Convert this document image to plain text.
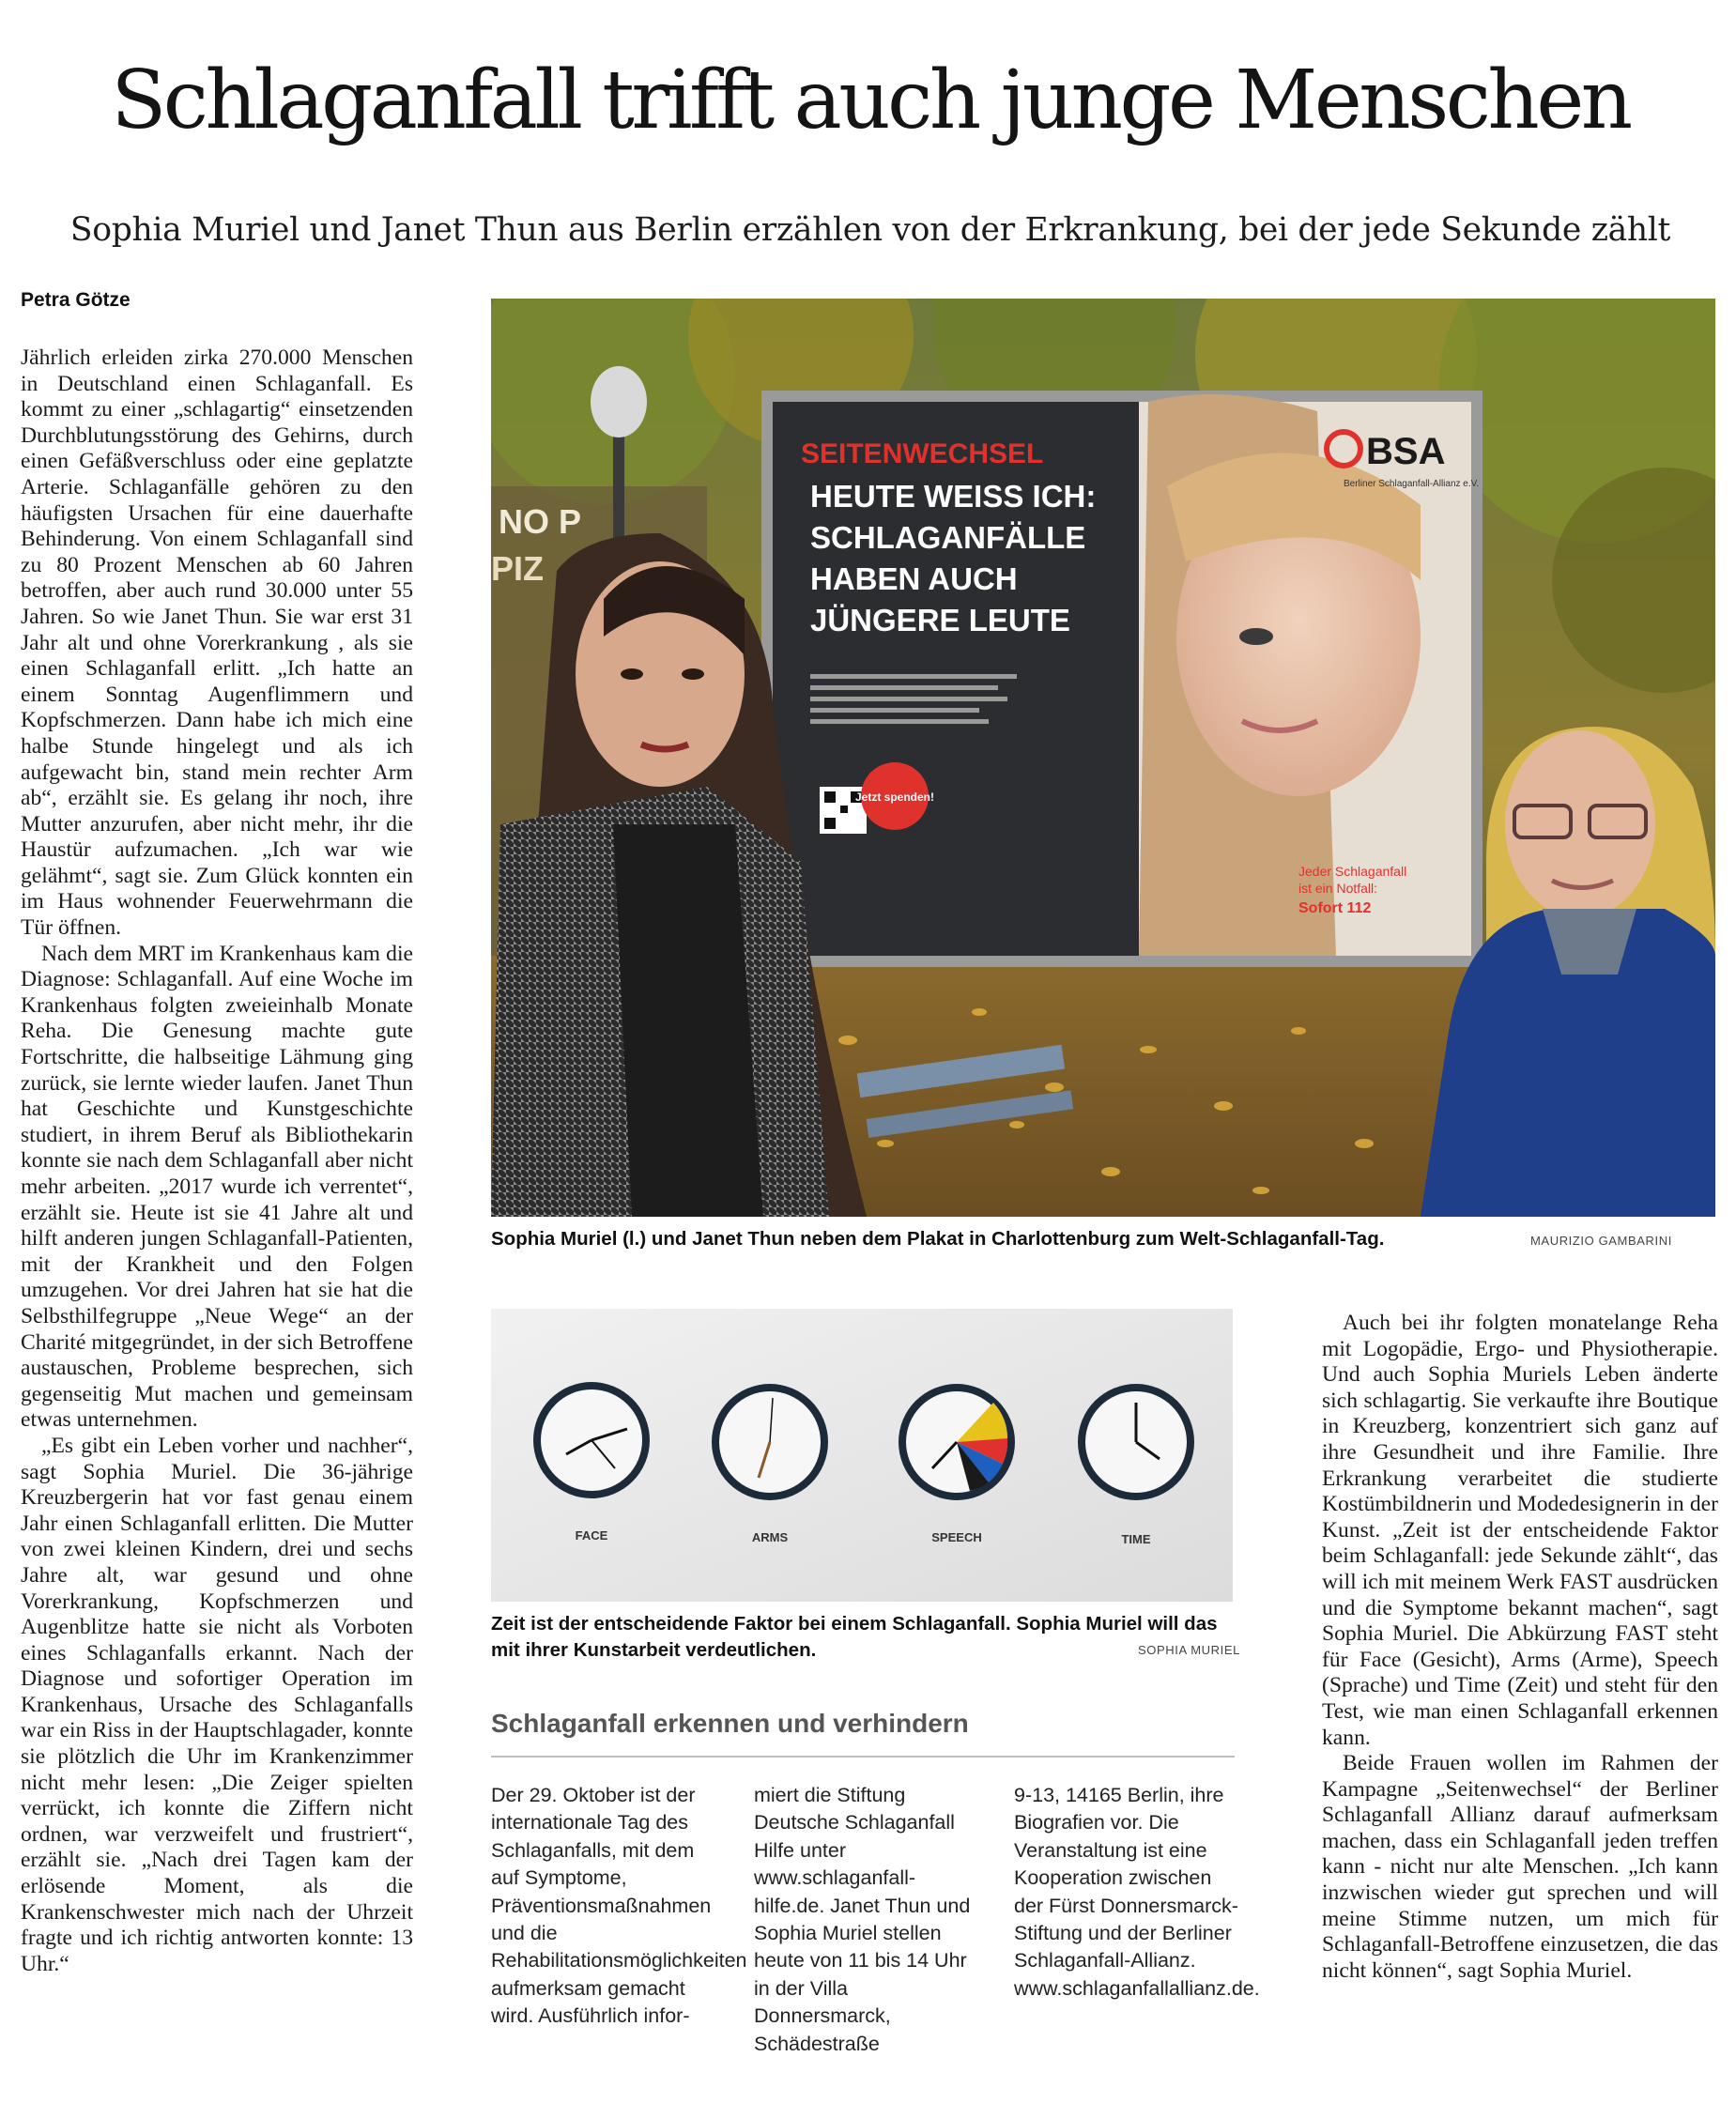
Schlaganfall trifft auch junge Menschen
Sophia Muriel und Janet Thun aus Berlin erzählen von der Erkrankung, bei der jede Sekunde zählt
Petra Götze

Jährlich erleiden zirka 270.000 Menschen in Deutschland einen Schlaganfall. Es kommt zu einer „schlagartig“ einsetzenden Durchblutungsstörung des Gehirns, durch einen Gefäßverschluss oder eine geplatzte Arterie. Schlaganfälle gehören zu den häufigsten Ursachen für eine dauerhafte Behinderung. Von einem Schlaganfall sind zu 80 Prozent Menschen ab 60 Jahren betroffen, aber auch rund 30.000 unter 55 Jahren. So wie Janet Thun. Sie war erst 31 Jahr alt und ohne Vorerkrankung , als sie einen Schlaganfall erlitt. „Ich hatte an einem Sonntag Augenflimmern und Kopfschmerzen. Dann habe ich mich eine halbe Stunde hingelegt und als ich aufgewacht bin, stand mein rechter Arm ab“, erzählt sie. Es gelang ihr noch, ihre Mutter anzurufen, aber nicht mehr, ihr die Haustür aufzumachen. „Ich war wie gelähmt“, sagt sie. Zum Glück konnten ein im Haus wohnender Feuerwehrmann die Tür öffnen.

Nach dem MRT im Krankenhaus kam die Diagnose: Schlaganfall. Auf eine Woche im Krankenhaus folgten zweieinhalb Monate Reha. Die Genesung machte gute Fortschritte, die halbseitige Lähmung ging zurück, sie lernte wieder laufen. Janet Thun hat Geschichte und Kunstgeschichte studiert, in ihrem Beruf als Bibliothekarin konnte sie nach dem Schlaganfall aber nicht mehr arbeiten. „2017 wurde ich verrentet“, erzählt sie. Heute ist sie 41 Jahre alt und hilft anderen jungen Schlaganfall-Patienten, mit der Krankheit und den Folgen umzugehen. Vor drei Jahren hat sie hat die Selbsthilfegruppe „Neue Wege“ an der Charité mitgegründet, in der sich Betroffene austauschen, Probleme besprechen, sich gegenseitig Mut machen und gemeinsam etwas unternehmen.

„Es gibt ein Leben vorher und nachher“, sagt Sophia Muriel. Die 36-jährige Kreuzbergerin hat vor fast genau einem Jahr einen Schlaganfall erlitten. Die Mutter von zwei kleinen Kindern, drei und sechs Jahre alt, war gesund und ohne Vorerkrankung, Kopfschmerzen und Augenblitze hatte sie nicht als Vorboten eines Schlaganfalls erkannt. Nach der Diagnose und sofortiger Operation im Krankenhaus, Ursache des Schlaganfalls war ein Riss in der Hauptschlagader, konnte sie plötzlich die Uhr im Krankenzimmer nicht mehr lesen: „Die Zeiger spielten verrückt, ich konnte die Ziffern nicht ordnen, war verzweifelt und frustriert“, erzählt sie. „Nach drei Tagen kam der erlösende Moment, als die Krankenschwester mich nach der Uhrzeit fragte und ich richtig antworten konnte: 13 Uhr.“

NO P
PIZ
SEITENWECHSEL
HEUTE WEISS ICH:
SCHLAGANFÄLLE
HABEN AUCH
JÜNGERE LEUTE
Jetzt spenden!
BSA
Berliner Schlaganfall-Allianz e.V.
Jeder Schlaganfall
ist ein Notfall:
Sofort 112
Sophia Muriel (l.) und Janet Thun neben dem Plakat in Charlottenburg zum Welt-Schlaganfall-Tag.	MAURIZIO GAMBARINI
FACE	ARMS	SPEECH	TIME
Zeit ist der entscheidende Faktor bei einem Schlaganfall. Sophia Muriel will das mit ihrer Kunstarbeit verdeutlichen.	SOPHIA MURIEL
Schlaganfall erkennen und verhindern
Der 29. Oktober ist der internationale Tag des Schlaganfalls, mit dem auf Symptome, Präventionsmaßnahmen und die Rehabilitationsmöglichkeiten aufmerksam gemacht wird. Ausführlich infor-
miert die Stiftung Deutsche Schlaganfall Hilfe unter www.schlaganfall-hilfe.de. Janet Thun und Sophia Muriel stellen heute von 11 bis 14 Uhr in der Villa Donnersmarck, Schädestraße
9-13, 14165 Berlin, ihre Biografien vor. Die Veranstaltung ist eine Kooperation zwischen der Fürst Donnersmarck-Stiftung und der Berliner Schlaganfall-Allianz. www.schlaganfallallianz.de.

Auch bei ihr folgten monatelange Reha mit Logopädie, Ergo- und Physiotherapie. Und auch Sophia Muriels Leben änderte sich schlagartig. Sie verkaufte ihre Boutique in Kreuzberg, konzentriert sich ganz auf ihre Gesundheit und ihre Familie. Ihre Erkrankung verarbeitet die studierte Kostümbildnerin und Modedesignerin in der Kunst. „Zeit ist der entscheidende Faktor beim Schlaganfall: jede Sekunde zählt“, das will ich mit meinem Werk FAST ausdrücken und die Symptome bekannt machen“, sagt Sophia Muriel. Die Abkürzung FAST steht für Face (Gesicht), Arms (Arme), Speech (Sprache) und Time (Zeit) und steht für den Test, wie man einen Schlaganfall erkennen kann.

Beide Frauen wollen im Rahmen der Kampagne „Seitenwechsel“ der Berliner Schlaganfall Allianz darauf aufmerksam machen, dass ein Schlaganfall jeden treffen kann - nicht nur alte Menschen. „Ich kann inzwischen wieder gut sprechen und will meine Stimme nutzen, um mich für Schlaganfall-Betroffene einzusetzen, die das nicht können“, sagt Sophia Muriel.
